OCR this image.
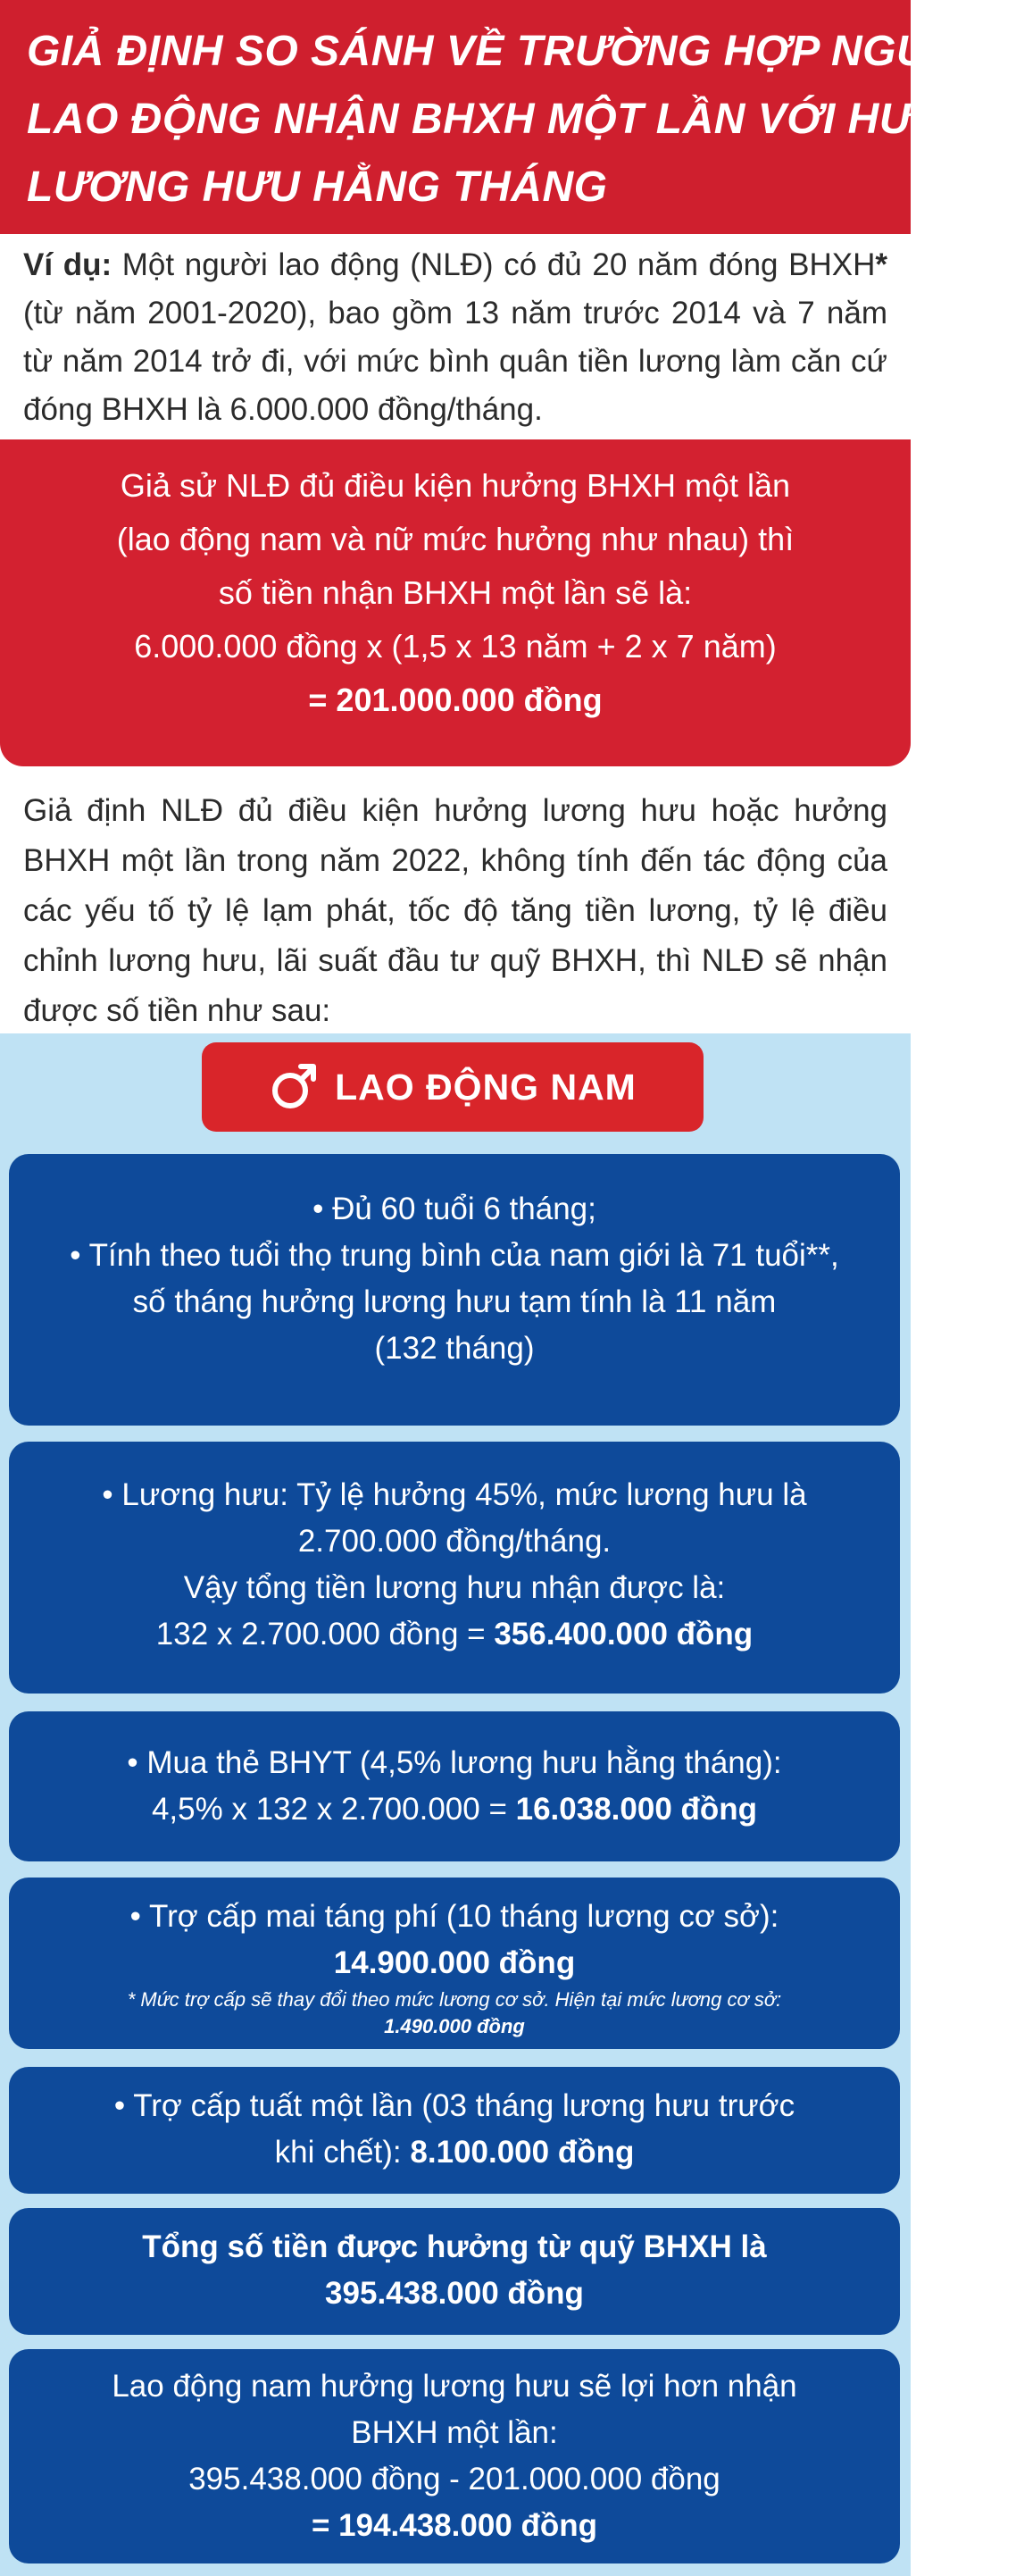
GIẢ ĐỊNH SO SÁNH VỀ TRƯỜNG HỢP NGƯỜI
LAO ĐỘNG NHẬN BHXH MỘT LẦN VỚI HƯỞNG
LƯƠNG HƯU HẰNG THÁNG
Ví dụ: Một người lao động (NLĐ) có đủ 20 năm đóng BHXH* (từ năm 2001-2020), bao gồm 13 năm trước 2014 và 7 năm từ năm 2014 trở đi, với mức bình quân tiền lương làm căn cứ đóng BHXH là 6.000.000 đồng/tháng.
Giả sử NLĐ đủ điều kiện hưởng BHXH một lần
(lao động nam và nữ mức hưởng như nhau) thì
số tiền nhận BHXH một lần sẽ là:
6.000.000 đồng x (1,5 x 13 năm + 2 x 7 năm)
= 201.000.000 đồng
Giả định NLĐ đủ điều kiện hưởng lương hưu hoặc hưởng BHXH một lần trong năm 2022, không tính đến tác động của các yếu tố tỷ lệ lạm phát, tốc độ tăng tiền lương, tỷ lệ điều chỉnh lương hưu, lãi suất đầu tư quỹ BHXH, thì NLĐ sẽ nhận được số tiền như sau:
LAO ĐỘNG NAM
• Đủ 60 tuổi 6 tháng;
• Tính theo tuổi thọ trung bình của nam giới là 71 tuổi**,
số tháng hưởng lương hưu tạm tính là 11 năm
(132 tháng)
• Lương hưu: Tỷ lệ hưởng 45%, mức lương hưu là
2.700.000 đồng/tháng.
Vậy tổng tiền lương hưu nhận được là:
132 x 2.700.000 đồng = 356.400.000 đồng
• Mua thẻ BHYT (4,5% lương hưu hằng tháng):
4,5% x 132 x 2.700.000 = 16.038.000 đồng
• Trợ cấp mai táng phí (10 tháng lương cơ sở):
14.900.000 đồng
* Mức trợ cấp sẽ thay đổi theo mức lương cơ sở. Hiện tại mức lương cơ sở:
1.490.000 đồng
• Trợ cấp tuất một lần (03 tháng lương hưu trước
khi chết): 8.100.000 đồng
Tổng số tiền được hưởng từ quỹ BHXH là
395.438.000 đồng
Lao động nam hưởng lương hưu sẽ lợi hơn nhận
BHXH một lần:
395.438.000 đồng - 201.000.000 đồng
= 194.438.000 đồng
